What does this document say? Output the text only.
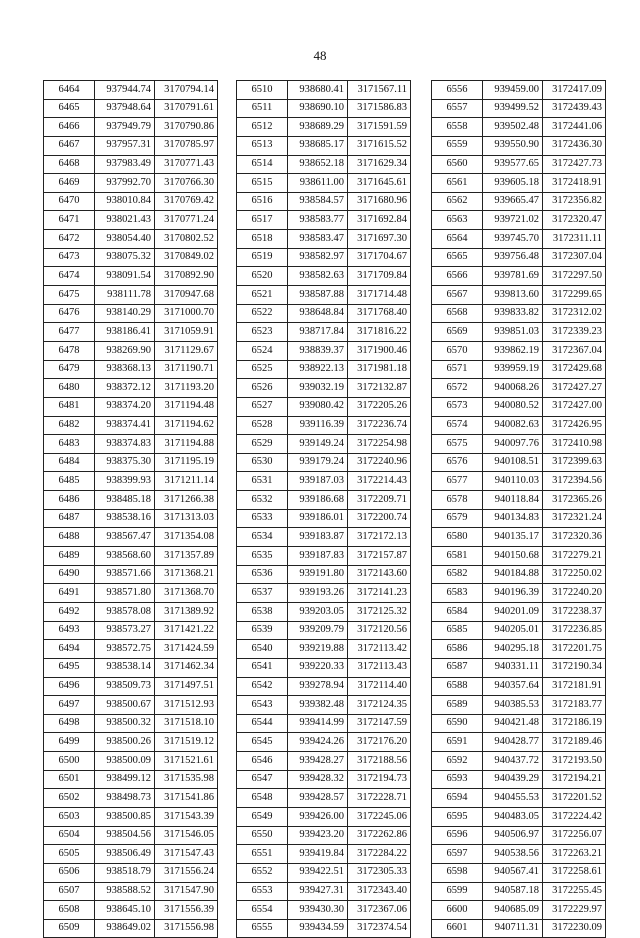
48
6464	937944.74	3170794.14
6465	937948.64	3170791.61
6466	937949.79	3170790.86
6467	937957.31	3170785.97
6468	937983.49	3170771.43
6469	937992.70	3170766.30
6470	938010.84	3170769.42
6471	938021.43	3170771.24
6472	938054.40	3170802.52
6473	938075.32	3170849.02
6474	938091.54	3170892.90
6475	938111.78	3170947.68
6476	938140.29	3171000.70
6477	938186.41	3171059.91
6478	938269.90	3171129.67
6479	938368.13	3171190.71
6480	938372.12	3171193.20
6481	938374.20	3171194.48
6482	938374.41	3171194.62
6483	938374.83	3171194.88
6484	938375.30	3171195.19
6485	938399.93	3171211.14
6486	938485.18	3171266.38
6487	938538.16	3171313.03
6488	938567.47	3171354.08
6489	938568.60	3171357.89
6490	938571.66	3171368.21
6491	938571.80	3171368.70
6492	938578.08	3171389.92
6493	938573.27	3171421.22
6494	938572.75	3171424.59
6495	938538.14	3171462.34
6496	938509.73	3171497.51
6497	938500.67	3171512.93
6498	938500.32	3171518.10
6499	938500.26	3171519.12
6500	938500.09	3171521.61
6501	938499.12	3171535.98
6502	938498.73	3171541.86
6503	938500.85	3171543.39
6504	938504.56	3171546.05
6505	938506.49	3171547.43
6506	938518.79	3171556.24
6507	938588.52	3171547.90
6508	938645.10	3171556.39
6509	938649.02	3171556.98
6510	938680.41	3171567.11
6511	938690.10	3171586.83
6512	938689.29	3171591.59
6513	938685.17	3171615.52
6514	938652.18	3171629.34
6515	938611.00	3171645.61
6516	938584.57	3171680.96
6517	938583.77	3171692.84
6518	938583.47	3171697.30
6519	938582.97	3171704.67
6520	938582.63	3171709.84
6521	938587.88	3171714.48
6522	938648.84	3171768.40
6523	938717.84	3171816.22
6524	938839.37	3171900.46
6525	938922.13	3171981.18
6526	939032.19	3172132.87
6527	939080.42	3172205.26
6528	939116.39	3172236.74
6529	939149.24	3172254.98
6530	939179.24	3172240.96
6531	939187.03	3172214.43
6532	939186.68	3172209.71
6533	939186.01	3172200.74
6534	939183.87	3172172.13
6535	939187.83	3172157.87
6536	939191.80	3172143.60
6537	939193.26	3172141.23
6538	939203.05	3172125.32
6539	939209.79	3172120.56
6540	939219.88	3172113.42
6541	939220.33	3172113.43
6542	939278.94	3172114.40
6543	939382.48	3172124.35
6544	939414.99	3172147.59
6545	939424.26	3172176.20
6546	939428.27	3172188.56
6547	939428.32	3172194.73
6548	939428.57	3172228.71
6549	939426.00	3172245.06
6550	939423.20	3172262.86
6551	939419.84	3172284.22
6552	939422.51	3172305.33
6553	939427.31	3172343.40
6554	939430.30	3172367.06
6555	939434.59	3172374.54
6556	939459.00	3172417.09
6557	939499.52	3172439.43
6558	939502.48	3172441.06
6559	939550.90	3172436.30
6560	939577.65	3172427.73
6561	939605.18	3172418.91
6562	939665.47	3172356.82
6563	939721.02	3172320.47
6564	939745.70	3172311.11
6565	939756.48	3172307.04
6566	939781.69	3172297.50
6567	939813.60	3172299.65
6568	939833.82	3172312.02
6569	939851.03	3172339.23
6570	939862.19	3172367.04
6571	939959.19	3172429.68
6572	940068.26	3172427.27
6573	940080.52	3172427.00
6574	940082.63	3172426.95
6575	940097.76	3172410.98
6576	940108.51	3172399.63
6577	940110.03	3172394.56
6578	940118.84	3172365.26
6579	940134.83	3172321.24
6580	940135.17	3172320.36
6581	940150.68	3172279.21
6582	940184.88	3172250.02
6583	940196.39	3172240.20
6584	940201.09	3172238.37
6585	940205.01	3172236.85
6586	940295.18	3172201.75
6587	940331.11	3172190.34
6588	940357.64	3172181.91
6589	940385.53	3172183.77
6590	940421.48	3172186.19
6591	940428.77	3172189.46
6592	940437.72	3172193.50
6593	940439.29	3172194.21
6594	940455.53	3172201.52
6595	940483.05	3172224.42
6596	940506.97	3172256.07
6597	940538.56	3172263.21
6598	940567.41	3172258.61
6599	940587.18	3172255.45
6600	940685.09	3172229.97
6601	940711.31	3172230.09
